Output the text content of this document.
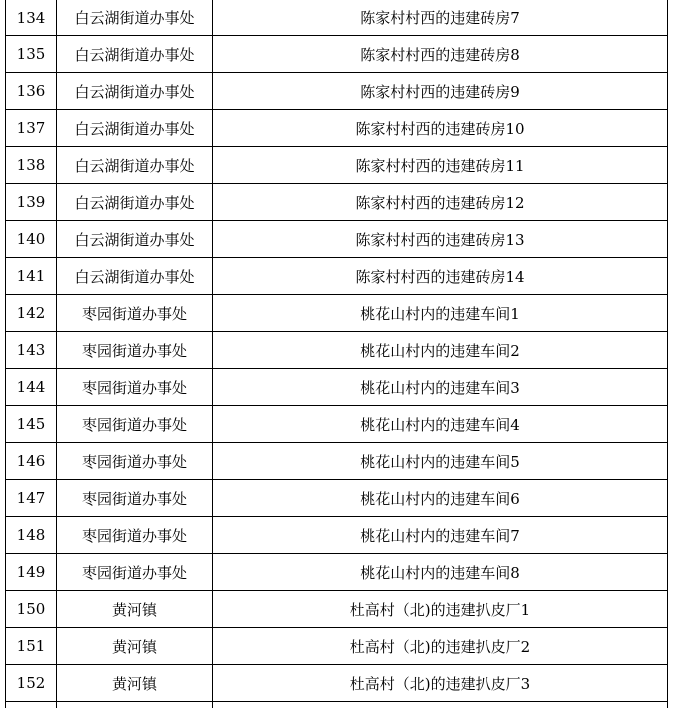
134	白云湖街道办事处	陈家村村西的违建砖房7
135	白云湖街道办事处	陈家村村西的违建砖房8
136	白云湖街道办事处	陈家村村西的违建砖房9
137	白云湖街道办事处	陈家村村西的违建砖房10
138	白云湖街道办事处	陈家村村西的违建砖房11
139	白云湖街道办事处	陈家村村西的违建砖房12
140	白云湖街道办事处	陈家村村西的违建砖房13
141	白云湖街道办事处	陈家村村西的违建砖房14
142	枣园街道办事处	桃花山村内的违建车间1
143	枣园街道办事处	桃花山村内的违建车间2
144	枣园街道办事处	桃花山村内的违建车间3
145	枣园街道办事处	桃花山村内的违建车间4
146	枣园街道办事处	桃花山村内的违建车间5
147	枣园街道办事处	桃花山村内的违建车间6
148	枣园街道办事处	桃花山村内的违建车间7
149	枣园街道办事处	桃花山村内的违建车间8
150	黄河镇	杜高村（北)的违建扒皮厂1
151	黄河镇	杜高村（北)的违建扒皮厂2
152	黄河镇	杜高村（北)的违建扒皮厂3
